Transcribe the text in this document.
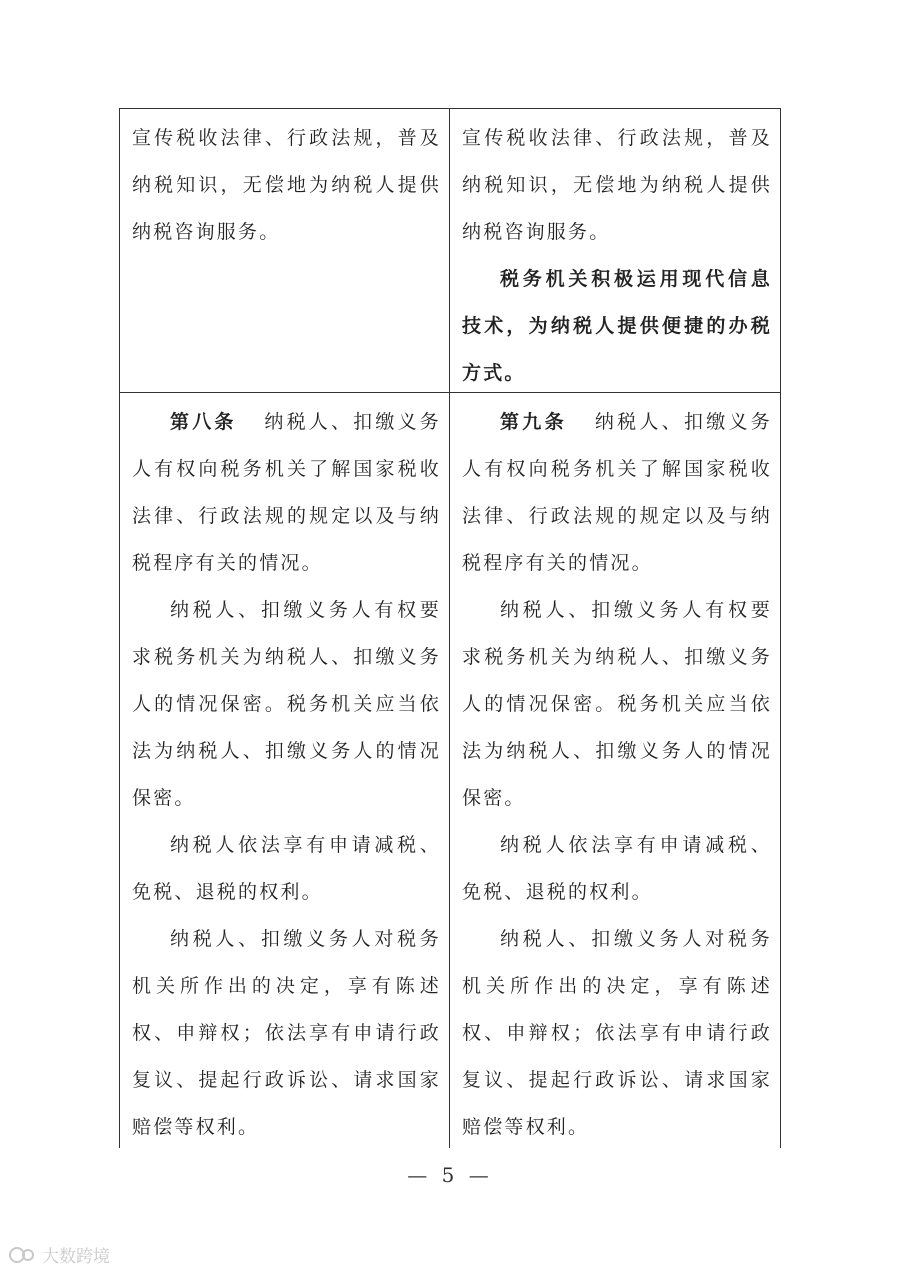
宣传税收法律、行政法规，普及纳税知识，无偿地为纳税人提供纳税咨询服务。

宣传税收法律、行政法规，普及纳税知识，无偿地为纳税人提供纳税咨询服务。

税务机关积极运用现代信息技术，为纳税人提供便捷的办税方式。

第八条 纳税人、扣缴义务人有权向税务机关了解国家税收法律、行政法规的规定以及与纳税程序有关的情况。

纳税人、扣缴义务人有权要求税务机关为纳税人、扣缴义务人的情况保密。税务机关应当依法为纳税人、扣缴义务人的情况保密。

纳税人依法享有申请减税、免税、退税的权利。

纳税人、扣缴义务人对税务机关所作出的决定，享有陈述权、申辩权；依法享有申请行政复议、提起行政诉讼、请求国家赔偿等权利。

第九条 纳税人、扣缴义务人有权向税务机关了解国家税收法律、行政法规的规定以及与纳税程序有关的情况。

纳税人、扣缴义务人有权要求税务机关为纳税人、扣缴义务人的情况保密。税务机关应当依法为纳税人、扣缴义务人的情况保密。

纳税人依法享有申请减税、免税、退税的权利。

纳税人、扣缴义务人对税务机关所作出的决定，享有陈述权、申辩权；依法享有申请行政复议、提起行政诉讼、请求国家赔偿等权利。

— 5 —
大数跨境
